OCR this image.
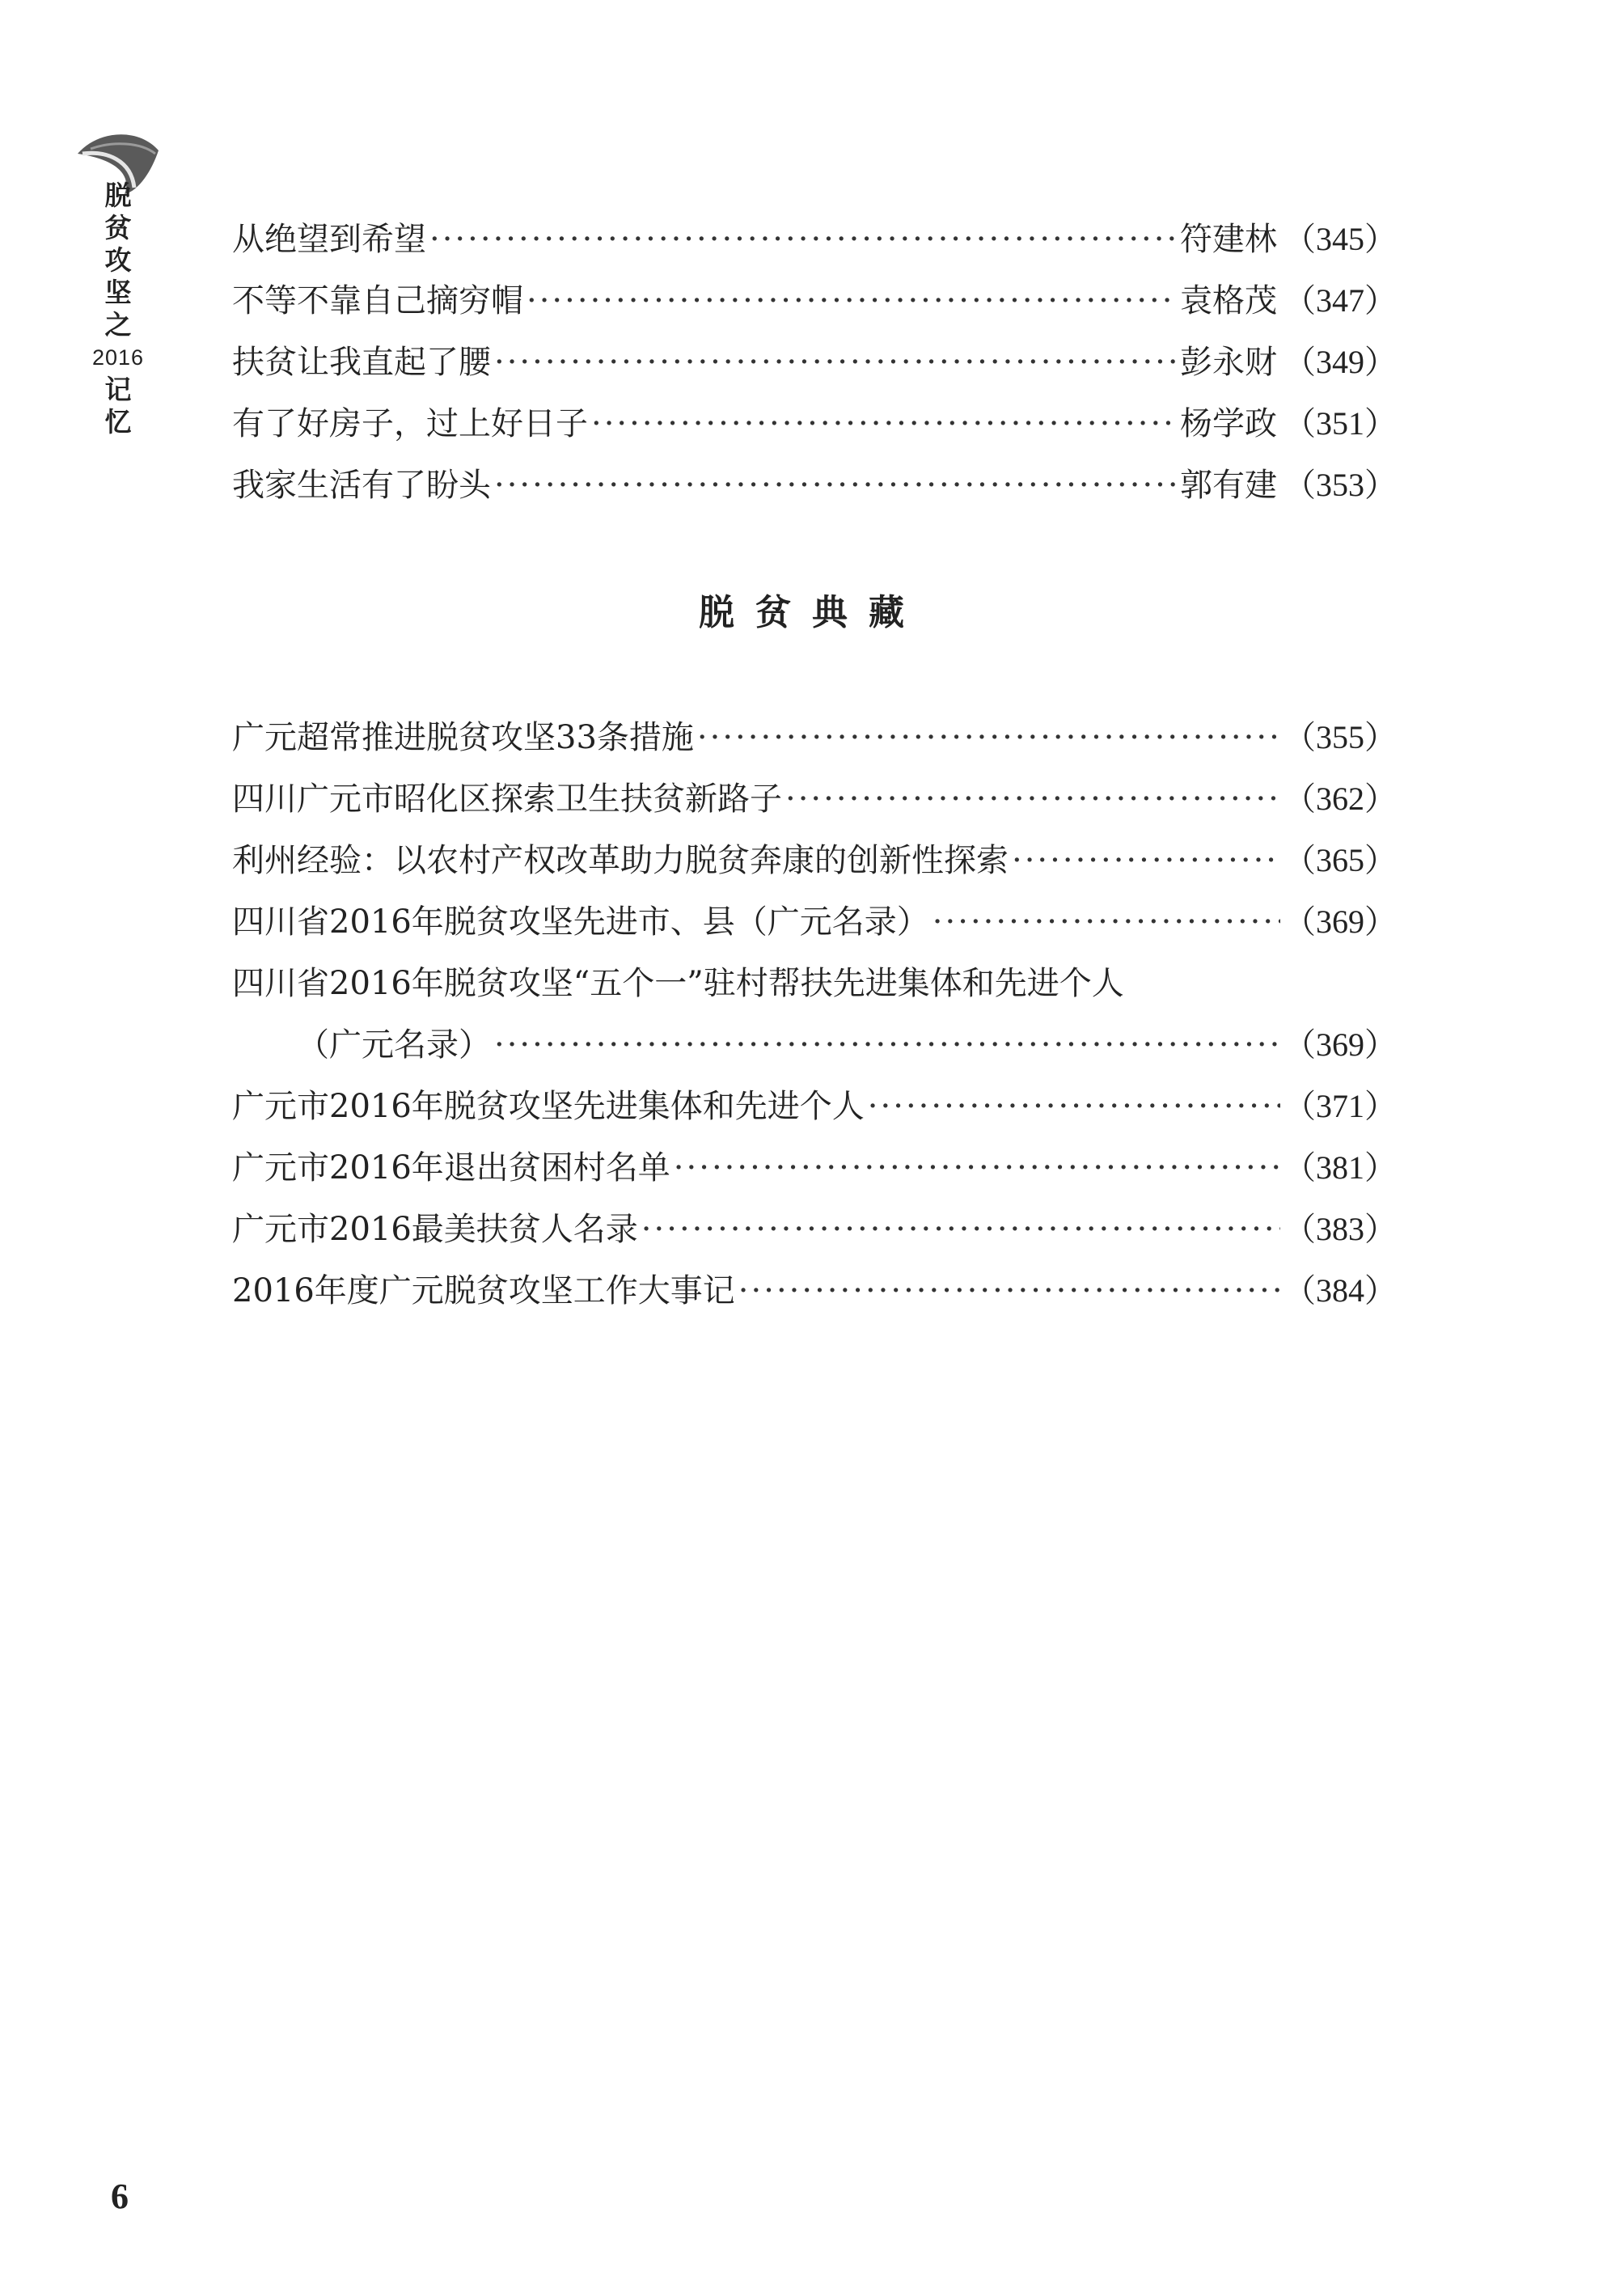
脱
贫
攻
坚
之
2016
记
忆
从绝望到希望 ·····	符建林 （345）
不等不靠自己摘穷帽 ·····	袁格茂 （347）
扶贫让我直起了腰 ·····	彭永财 （349）
有了好房子，过上好日子 ·····	杨学政 （351）
我家生活有了盼头 ·····	郭有建 （353）
脱贫典藏
广元超常推进脱贫攻坚33条措施 ·····	（355）
四川广元市昭化区探索卫生扶贫新路子 ·····	（362）
利州经验：以农村产权改革助力脱贫奔康的创新性探索 ·····	（365）
四川省2016年脱贫攻坚先进市、县（广元名录） ·····	（369）
四川省2016年脱贫攻坚“五个一”驻村帮扶先进集体和先进个人
（广元名录） ·····	（369）
广元市2016年脱贫攻坚先进集体和先进个人 ·····	（371）
广元市2016年退出贫困村名单 ·····	（381）
广元市2016最美扶贫人名录 ·····	（383）
2016年度广元脱贫攻坚工作大事记 ·····	（384）
6
